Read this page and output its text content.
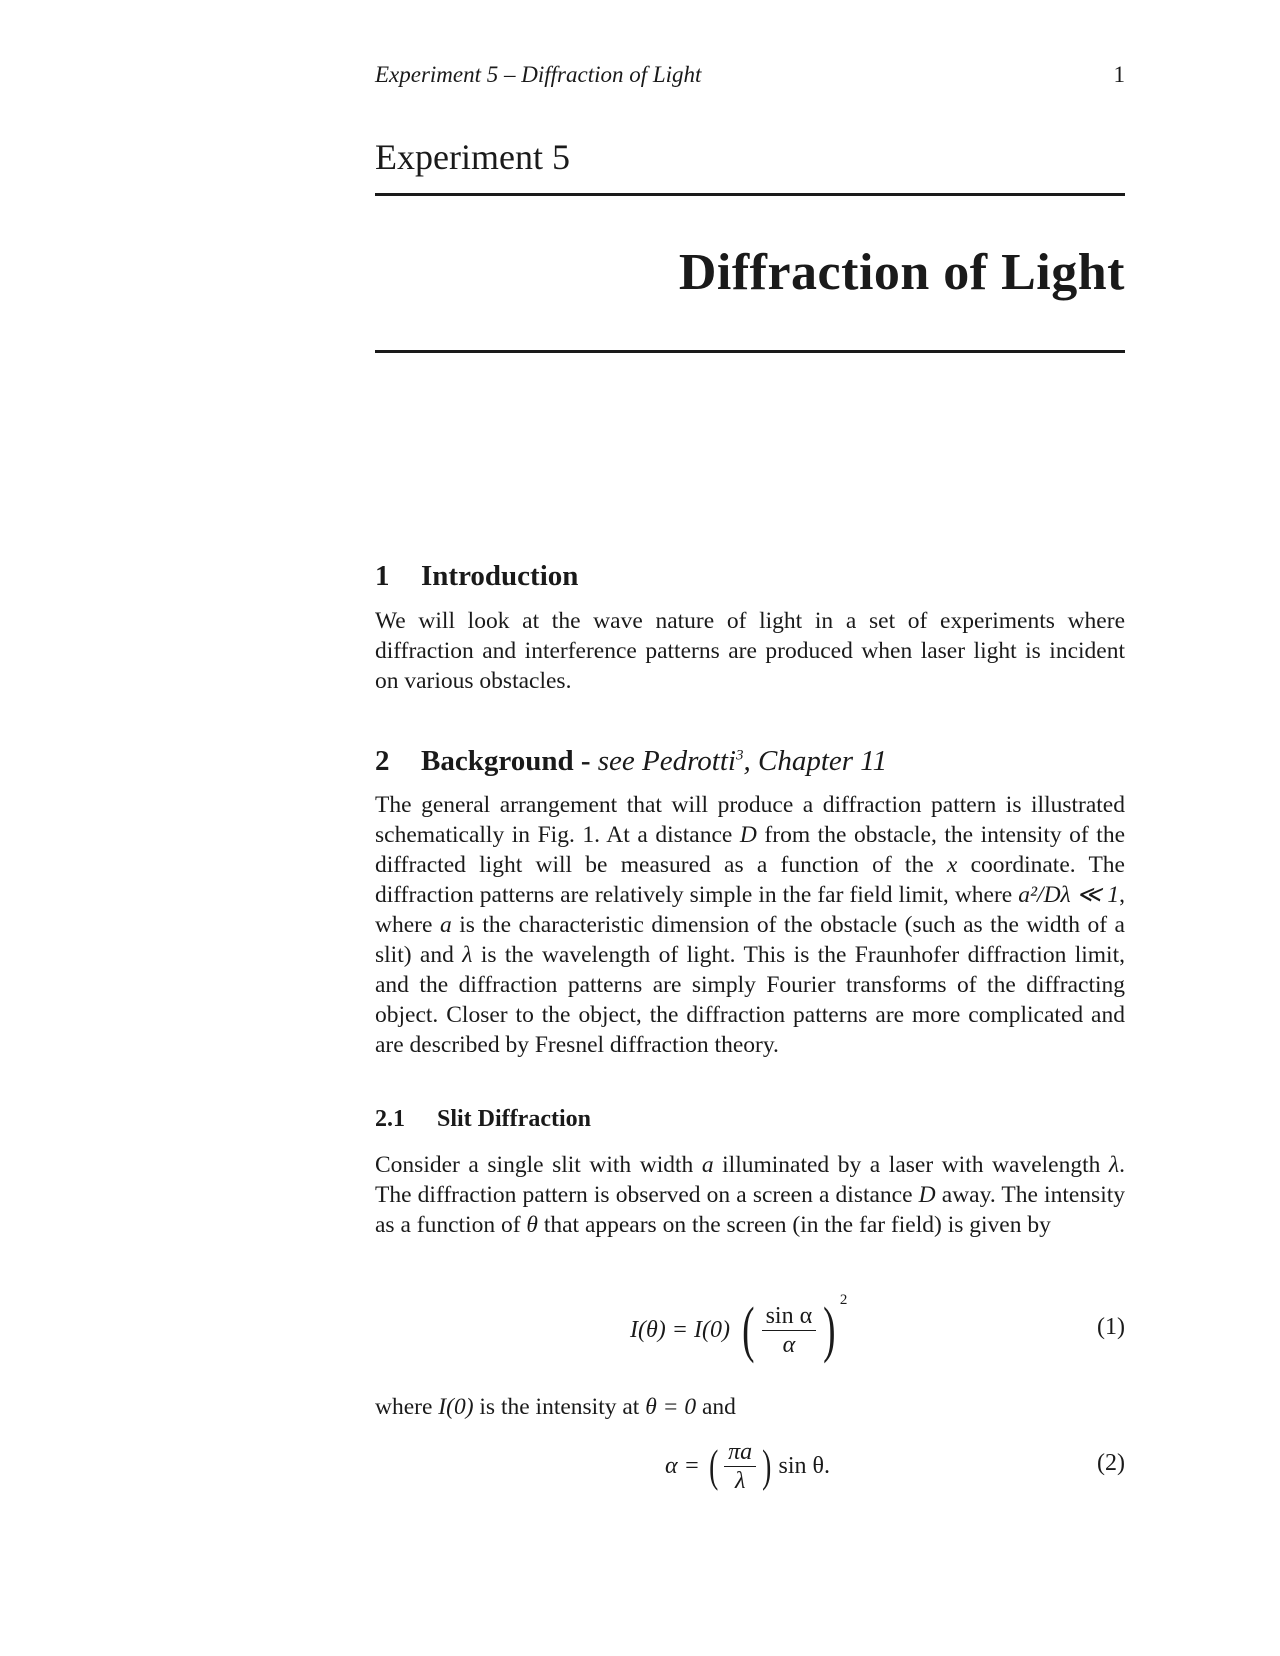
Experiment 5 – Diffraction of Light	1
Experiment 5
Diffraction of Light
1 Introduction

We will look at the wave nature of light in a set of experiments where diffraction and interference patterns are produced when laser light is incident on various obstacles.

2 Background - see Pedrotti$^3$, Chapter 11

The general arrangement that will produce a diffraction pattern is illustrated schematically in Fig. 1. At a distance D from the obstacle, the intensity of the diffracted light will be measured as a function of the x coordinate. The diffraction patterns are relatively simple in the far field limit, where a²/Dλ ≪ 1, where a is the characteristic dimension of the obstacle (such as the width of a slit) and λ is the wavelength of light. This is the Fraunhofer diffraction limit, and the diffraction patterns are simply Fourier transforms of the diffracting object. Closer to the object, the diffraction patterns are more complicated and are described by Fresnel diffraction theory.

2.1 Slit Diffraction

Consider a single slit with width a illuminated by a laser with wavelength λ. The diffraction pattern is observed on a screen a distance D away. The intensity as a function of θ that appears on the screen (in the far field) is given by

I(θ) = I(0) ( $\frac{\text{sin α}}{\alpha}$ ) $^2$
(1)

where I(0) is the intensity at θ = 0 and

α = ( $\frac{\pi a}{\lambda}$ ) sin θ.	(2)
